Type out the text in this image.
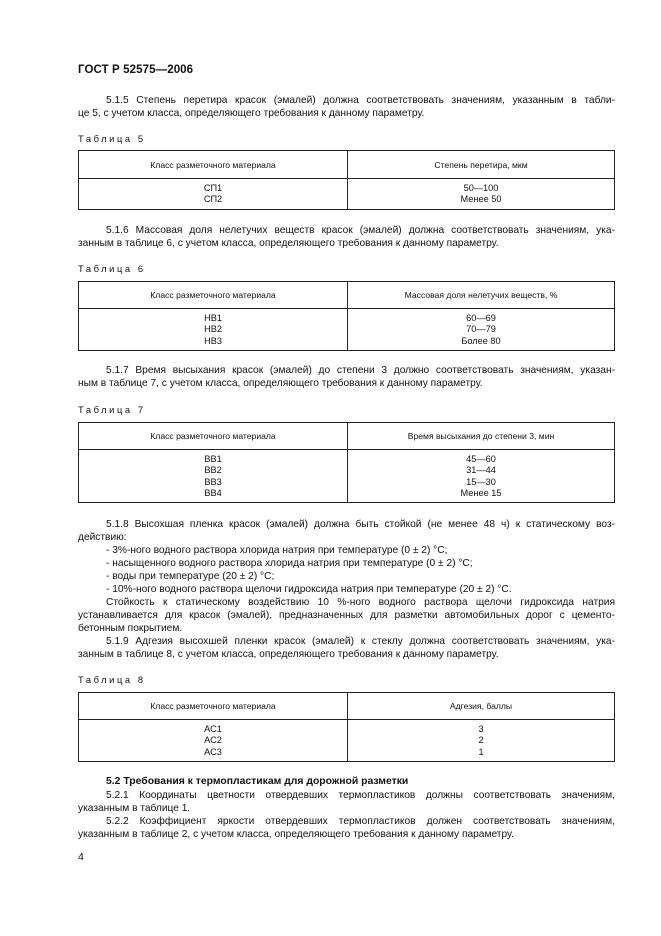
ГОСТ Р 52575—2006
5.1.5 Степень перетира красок (эмалей) должна соответствовать значениям, указанным в табли-
це 5, с учетом класса, определяющего требования к данному параметру.
Таблица 5
Класс разметочного материала	Степень перетира, мкм
СП1	50—100
СП2	Менее 50
5.1.6 Массовая доля нелетучих веществ красок (эмалей) должна соответствовать значениям, ука-
занным в таблице 6, с учетом класса, определяющего требования к данному параметру.
Таблица 6
Класс разметочного материала	Массовая доля нелетучих веществ, %
НВ1	60—69
НВ2	70—79
НВ3	Более 80
5.1.7 Время высыхания красок (эмалей) до степени 3 должно соответствовать значениям, указан-
ным в таблице 7, с учетом класса, определяющего требования к данному параметру.
Таблица 7
Класс разметочного материала	Время высыхания до степени 3, мин
ВВ1	45—60
ВВ2	31—44
ВВ3	15—30
ВВ4	Менее 15
5.1.8 Высохшая пленка красок (эмалей) должна быть стойкой (не менее 48 ч) к статическому воз-
действию:
- 3%-ного водного раствора хлорида натрия при температуре (0 ± 2) °С;
- насыщенного водного раствора хлорида натрия при температуре (0 ± 2) °С;
- воды при температуре (20 ± 2) °С;
- 10%-ного водного раствора щелочи гидроксида натрия при температуре (20 ± 2) °С.
Стойкость к статическому воздействию 10 %-ного водного раствора щелочи гидроксида натрия
устанавливается для красок (эмалей), предназначенных для разметки автомобильных дорог с цементо-
бетонным покрытием.
5.1.9 Адгезия высохшей пленки красок (эмалей) к стеклу должна соответствовать значениям, ука-
занным в таблице 8, с учетом класса, определяющего требования к данному параметру.
Таблица 8
Класс разметочного материала	Адгезия, баллы
АС1	3
АС2	2
АС3	1
5.2 Требования к термопластикам для дорожной разметки
5.2.1 Координаты цветности отвердевших термопластиков должны соответствовать значениям,
указанным в таблице 1.
5.2.2 Коэффициент яркости отвердевших термопластиков должен соответствовать значениям,
указанным в таблице 2, с учетом класса, определяющего требования к данному параметру.
4
